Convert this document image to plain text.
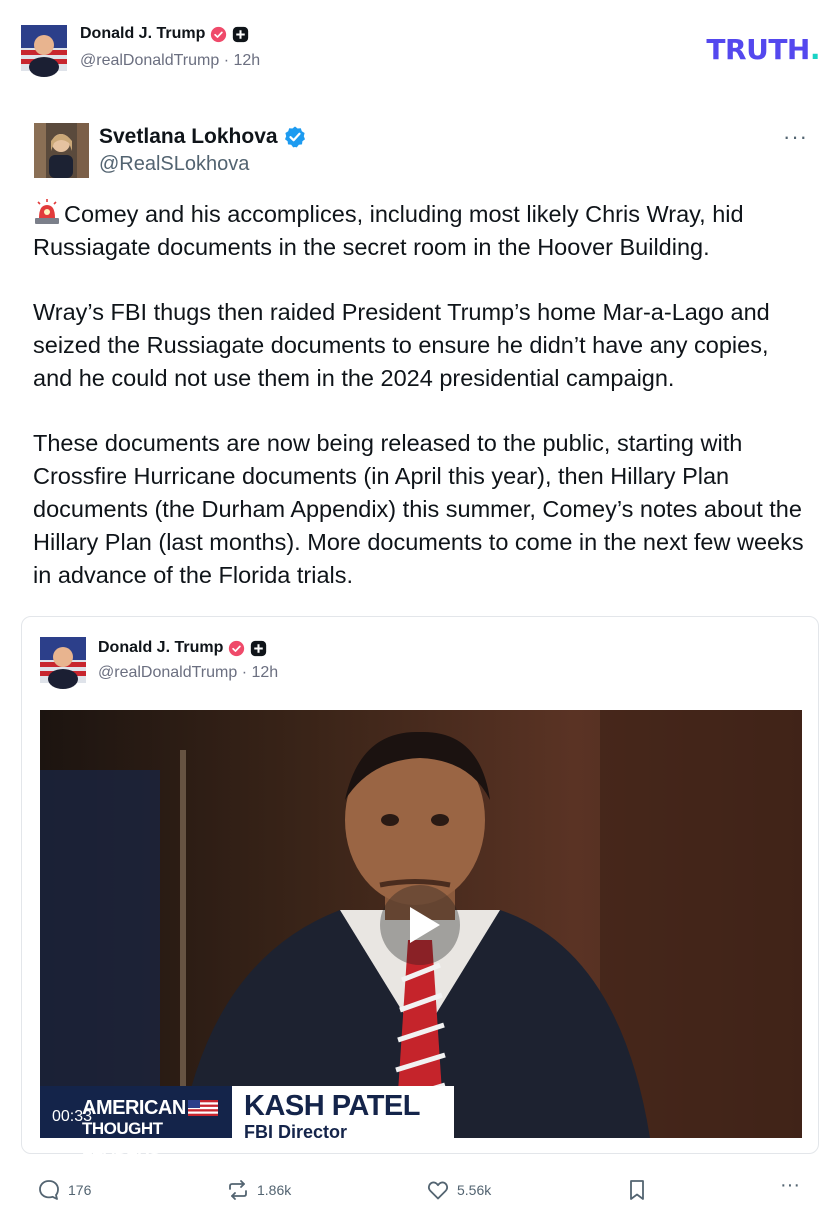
Donald J. Trump
@realDonaldTrump · 12h	TRUTH.
Svetlana Lokhova
@RealSLokhova
···

Comey and his accomplices, including most likely Chris Wray, hid Russiagate documents in the secret room in the Hoover Building.

Wray’s FBI thugs then raided President Trump’s home Mar-a-Lago and seized the Russiagate documents to ensure he didn’t have any copies, and he could not use them in the 2024 presidential campaign.

These documents are now being released to the public, starting with Crossfire Hurricane documents (in April this year), then Hillary Plan documents (the Durham Appendix) this summer, Comey’s notes about the Hillary Plan (last months). More documents to come in the next few weeks in advance of the Florida trials.

Donald J. Trump
@realDonaldTrump · 12h
AMERICAN
THOUGHT LEADERS
KASH PATEL
FBI Director
00:33
176	1.86k	5.56k	···
